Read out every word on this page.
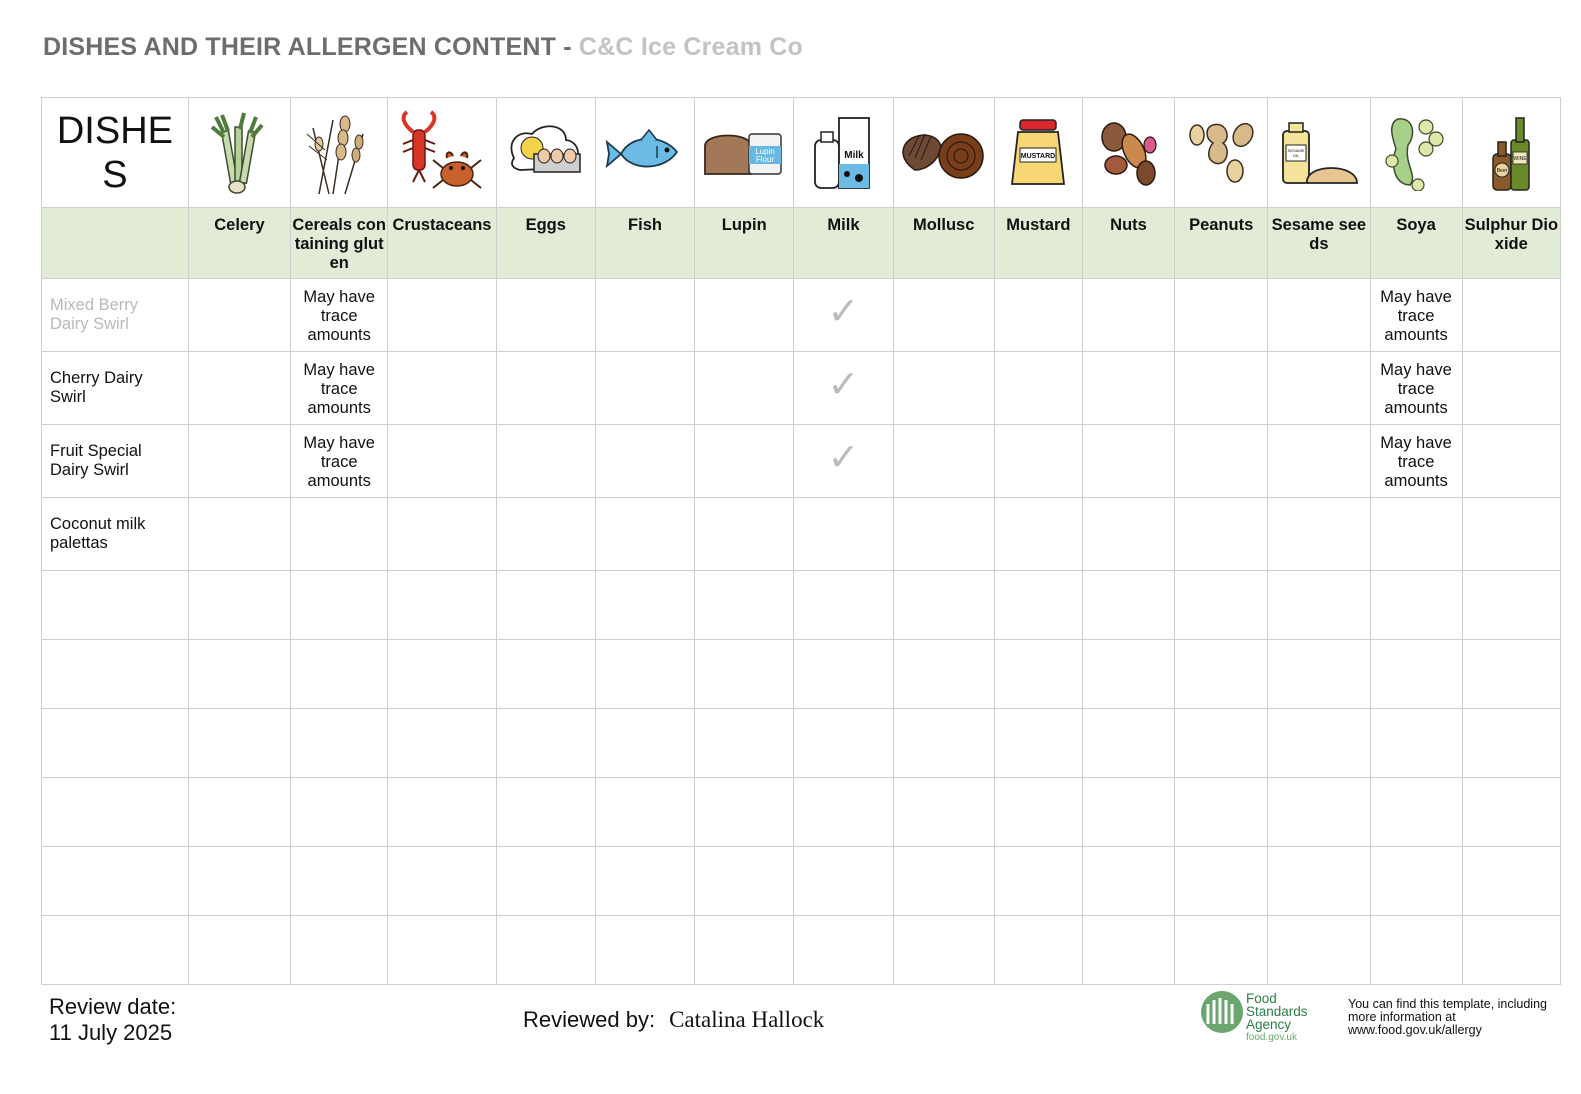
DISHES AND THEIR ALLERGEN CONTENT - C&C Ice Cream Co
DISHES						Lupin
Flour	Milk		MUSTARD			SESAME
OIL		Beer
WINE

	Celery	Cereals containing gluten	Crustaceans	Eggs	Fish	Lupin	Milk	Mollusc	Mustard	Nuts	Peanuts	Sesame seeds	Soya	Sulphur Dioxide
Mixed Berry Dairy Swirl		May have trace amounts					✓						May have trace amounts	
Cherry Dairy Swirl		May have trace amounts					✓						May have trace amounts	
Fruit Special Dairy Swirl		May have trace amounts					✓						May have trace amounts	
Coconut milk palettas														

Review date:
11 July 2025
Reviewed by: Catalina Hallock
Food
Standards
Agency
food.gov.uk
You can find this template, including more information at www.food.gov.uk/allergy
